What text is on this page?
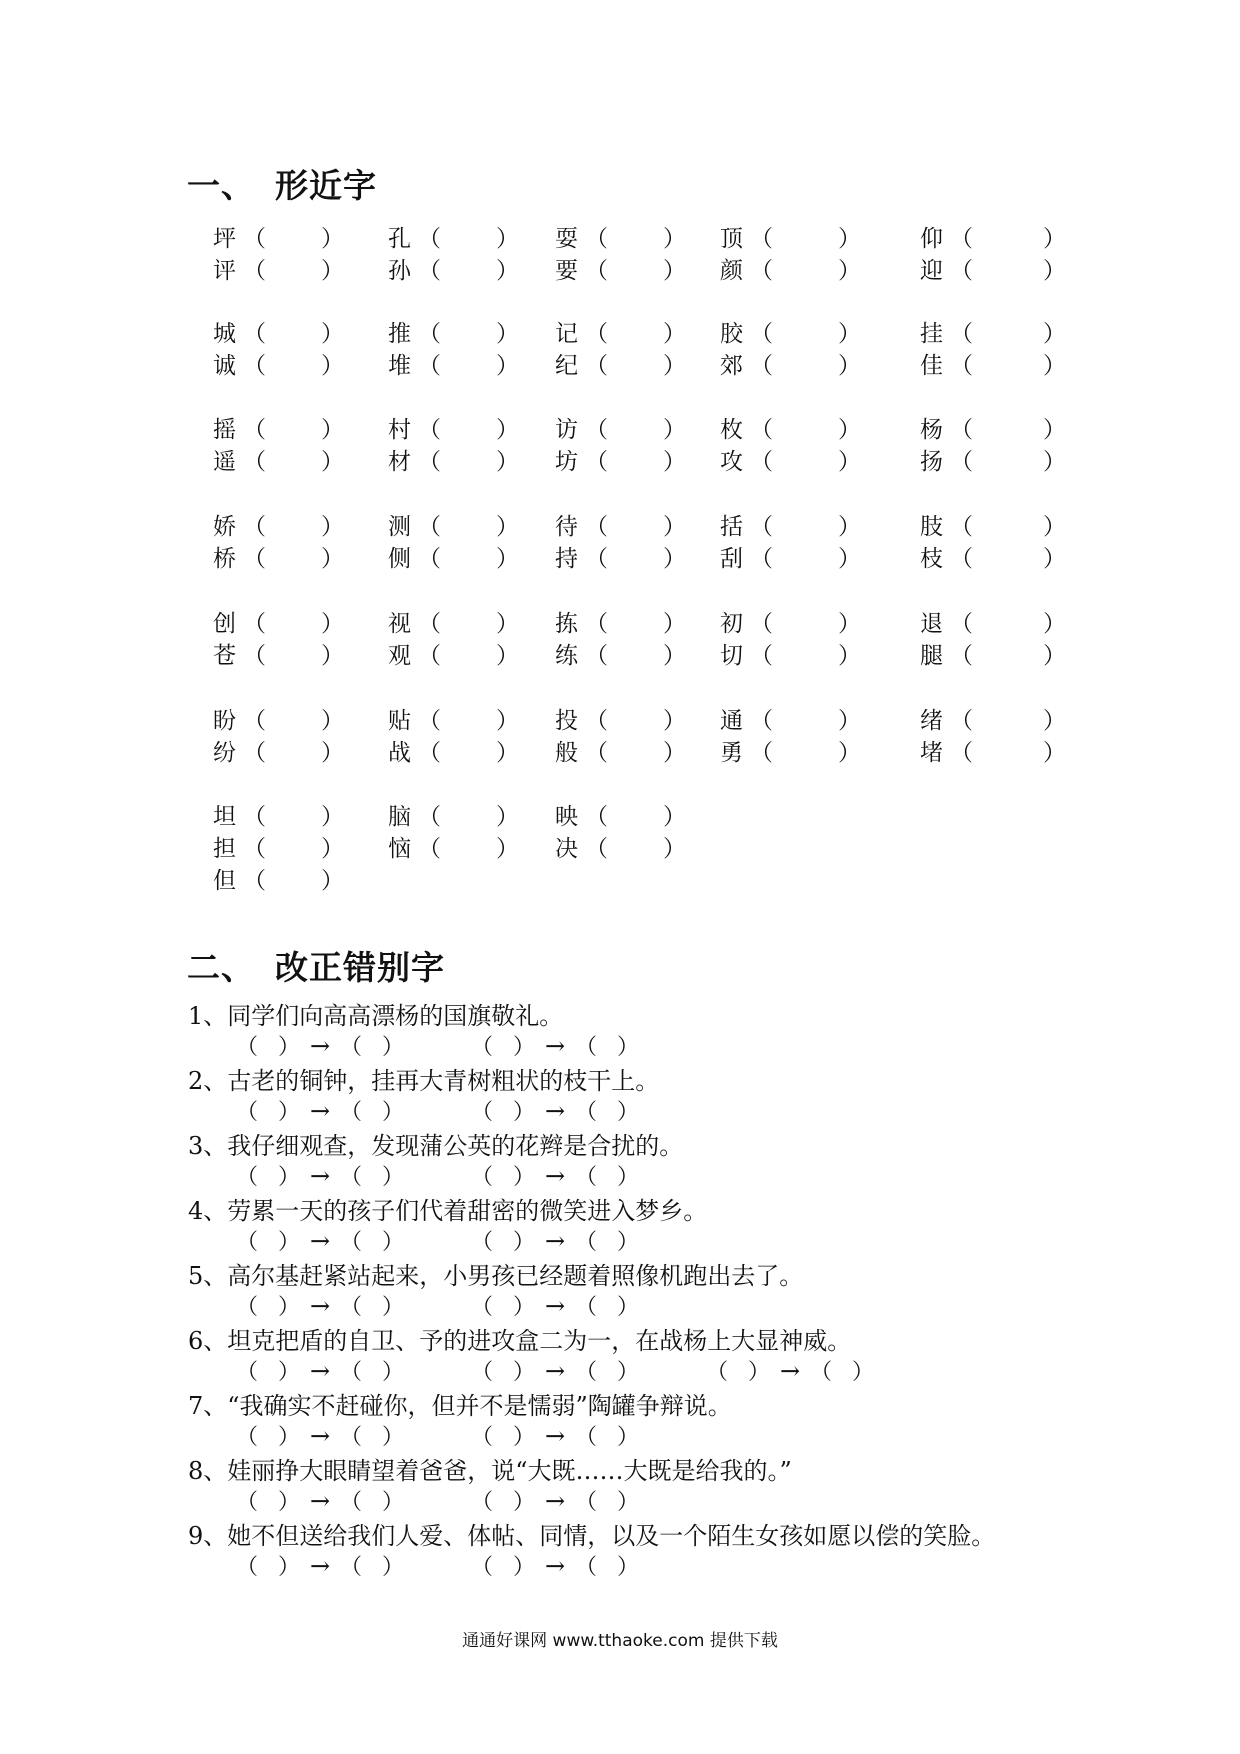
一、 形近字
坪 （ ） 孔 （ ） 耍 （ ） 顶 （	）	仰 （	）
评 （ ） 孙 （ ） 要 （ ） 颜 （	）	迎 （	）
城 （ ） 推 （ ） 记 （ ） 胶 （	）	挂 （	）
诚 （ ） 堆 （ ） 纪 （ ） 郊 （	）	佳 （	）
摇 （ ） 村 （ ） 访 （ ） 枚 （	）	杨 （	）
遥 （ ） 材 （ ） 坊 （ ） 攻 （	）	扬 （	）
娇 （ ） 测 （ ） 待 （ ） 括 （	）	肢 （	）
桥 （ ） 侧 （ ） 持 （ ） 刮 （	）	枝 （	）
创 （ ） 视 （ ） 拣 （ ） 初 （	）	退 （	）
苍 （ ） 观 （ ） 练 （ ） 切 （	）	腿 （	）
盼 （ ） 贴 （ ） 投 （ ） 通 （	）	绪 （	）
纷 （ ） 战 （ ） 般 （ ） 勇 （	）	堵 （	）
坦 （ ） 脑 （ ） 映 （ ）
担 （ ） 恼 （ ） 决 （ ）
但 （ ）
二、 改正错别字
1、同学们向高高漂杨的国旗敬礼。
（ ） → （ ）	（ ） → （ ）
2、古老的铜钟，挂再大青树粗状的枝干上。
（ ） → （ ）	（ ） → （ ）
3、我仔细观查，发现蒲公英的花辫是合扰的。
（ ） → （ ）	（ ） → （ ）
4、劳累一天的孩子们代着甜密的微笑进入梦乡。
（ ） → （ ）	（ ） → （ ）
5、高尔基赶紧站起来，小男孩已经题着照像机跑出去了。
（ ） → （ ）	（ ） → （ ）
6、坦克把盾的自卫、予的进攻盒二为一，在战杨上大显神威。
（ ） → （ ）	（ ） → （ ）	（ ） → （ ）
7、“我确实不赶碰你，但并不是懦弱”陶罐争辩说。
（ ） → （ ）	（ ） → （ ）
8、娃丽挣大眼睛望着爸爸，说“大既……大既是给我的。”
（ ） → （ ）	（ ） → （ ）
9、她不但送给我们人爱、体帖、同情，以及一个陌生女孩如愿以偿的笑脸。
（ ） → （ ）	（ ） → （ ）
通通好课网 www.tthaoke.com 提供下载
